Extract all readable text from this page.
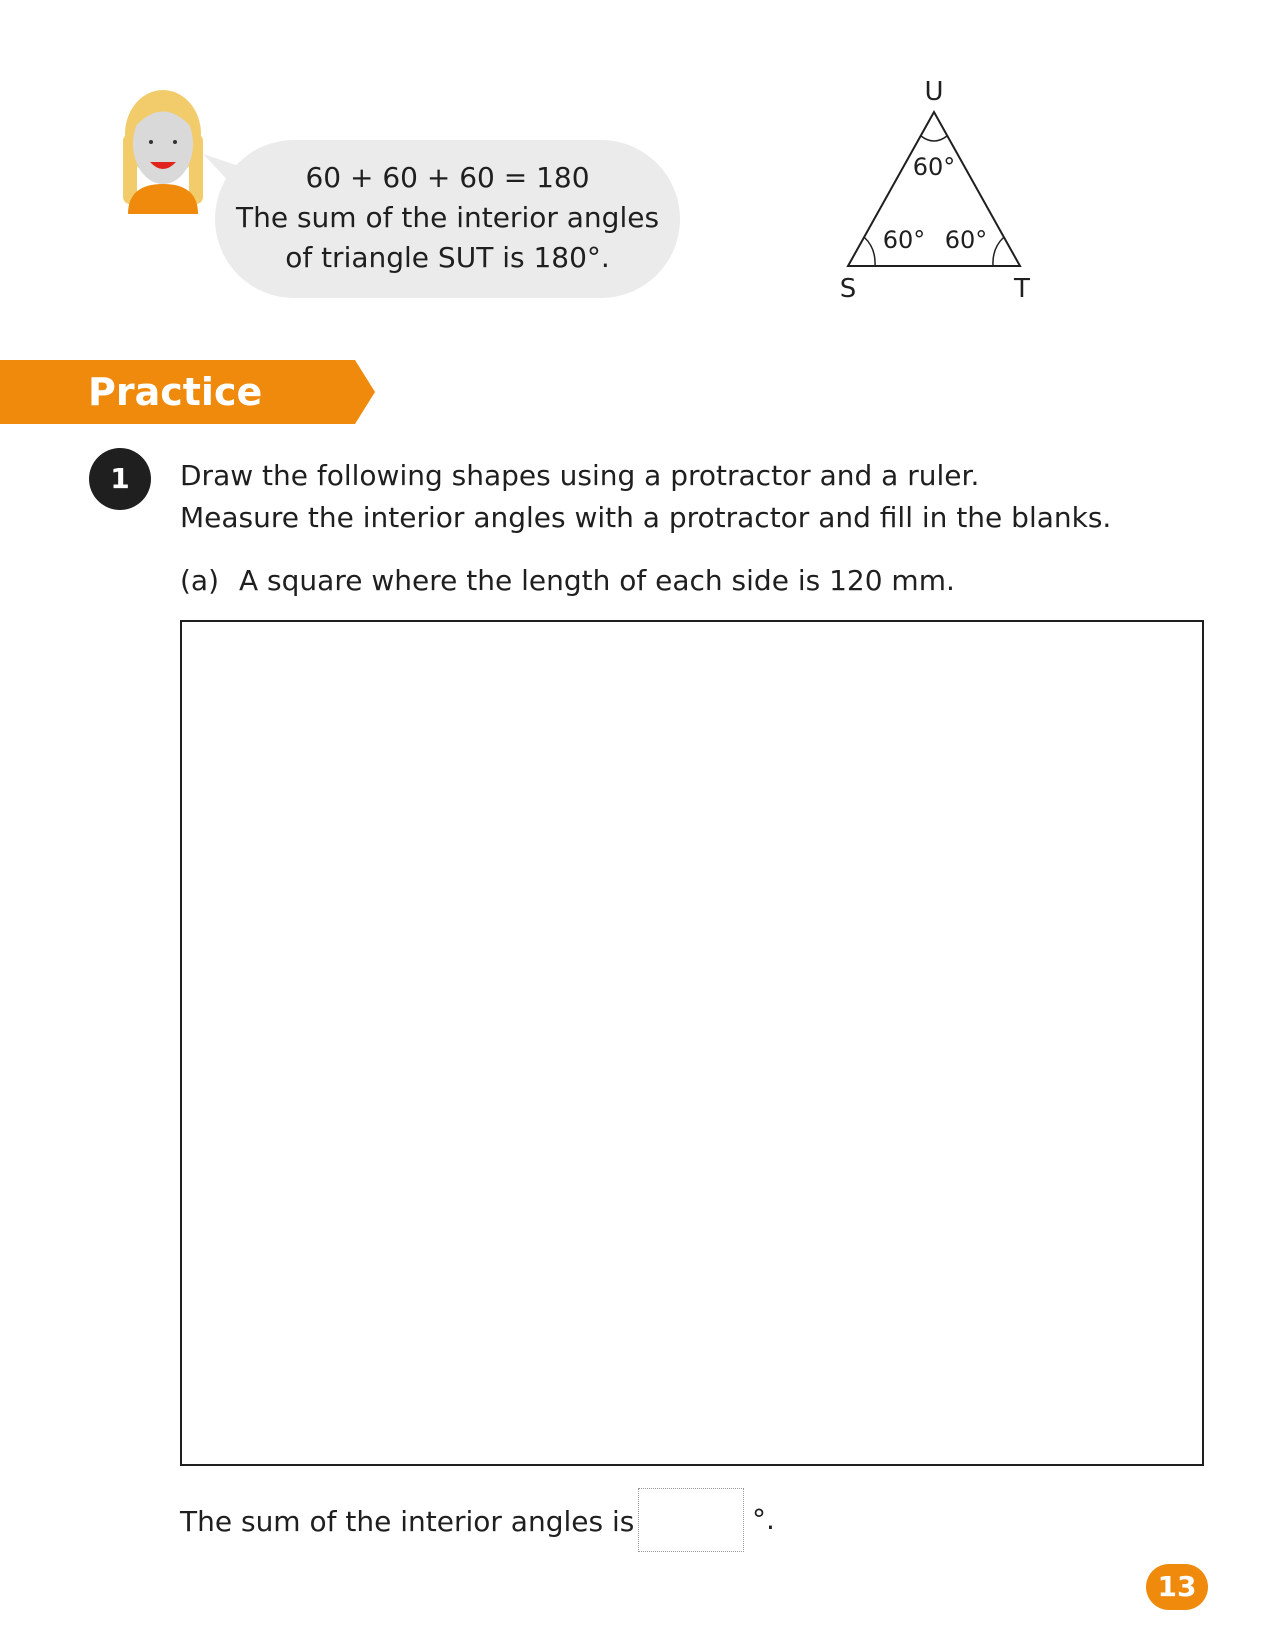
60 + 60 + 60 = 180
The sum of the interior angles
of triangle SUT is 180°.
U
S	T
60°
60° 60°
Practice
1	Draw the following shapes using a protractor and a ruler.
Measure the interior angles with a protractor and fill in the blanks.
(a) A square where the length of each side is 120 mm.
The sum of the interior angles is	°.
13
